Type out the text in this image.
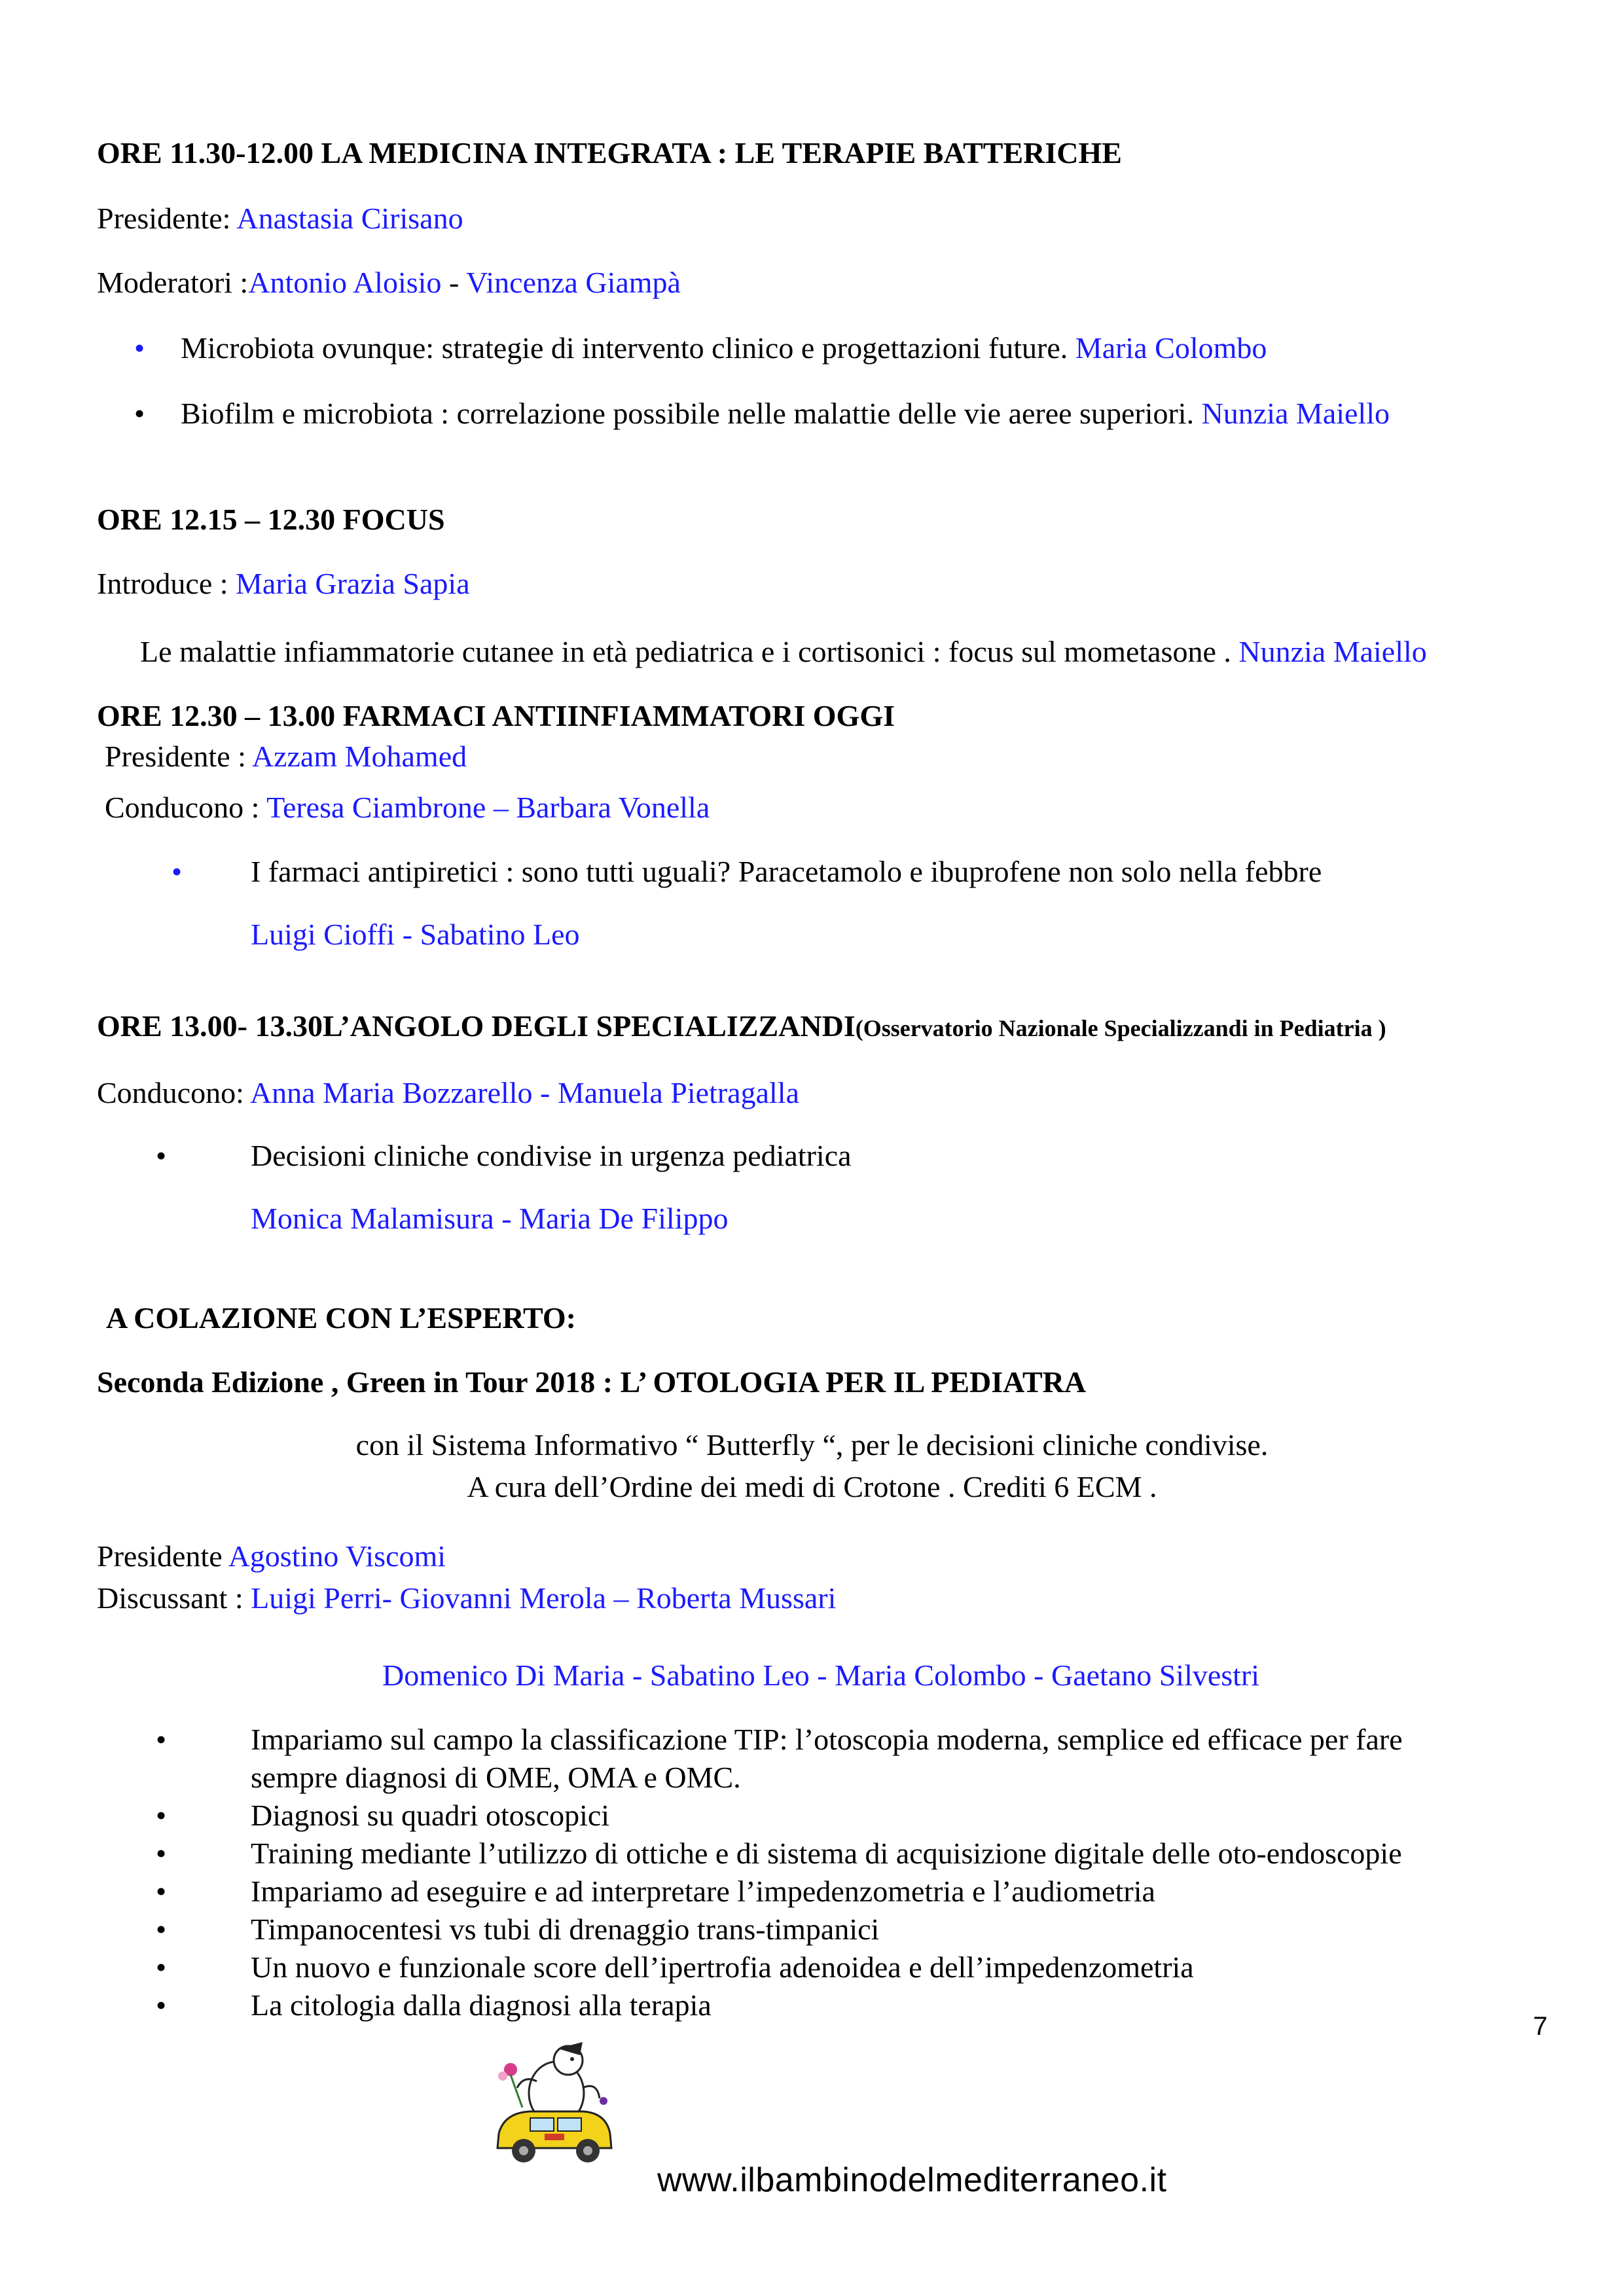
ORE 11.30-12.00 LA MEDICINA INTEGRATA : LE TERAPIE BATTERICHE
Presidente: Anastasia Cirisano
Moderatori :Antonio Aloisio - Vincenza Giampà
• Microbiota ovunque: strategie di intervento clinico e progettazioni future. Maria Colombo
• Biofilm e microbiota : correlazione possibile nelle malattie delle vie aeree superiori. Nunzia Maiello
ORE 12.15 – 12.30 FOCUS
Introduce : Maria Grazia Sapia
Le malattie infiammatorie cutanee in età pediatrica e i cortisonici : focus sul mometasone . Nunzia Maiello
ORE 12.30 – 13.00 FARMACI ANTIINFIAMMATORI OGGI
Presidente : Azzam Mohamed
Conducono : Teresa Ciambrone – Barbara Vonella
• I farmaci antipiretici : sono tutti uguali? Paracetamolo e ibuprofene non solo nella febbre
Luigi Cioffi - Sabatino Leo
ORE 13.00- 13.30L’ANGOLO DEGLI SPECIALIZZANDI(Osservatorio Nazionale Specializzandi in Pediatria )
Conducono: Anna Maria Bozzarello - Manuela Pietragalla
•	Decisioni cliniche condivise in urgenza pediatrica
Monica Malamisura - Maria De Filippo
A COLAZIONE CON L’ESPERTO:
Seconda Edizione , Green in Tour 2018 : L’ OTOLOGIA PER IL PEDIATRA
con il Sistema Informativo “ Butterfly “, per le decisioni cliniche condivise.
A cura dell’Ordine dei medi di Crotone . Crediti 6 ECM .
Presidente Agostino Viscomi
Discussant : Luigi Perri- Giovanni Merola – Roberta Mussari
Domenico Di Maria - Sabatino Leo - Maria Colombo - Gaetano Silvestri
•	Impariamo sul campo la classificazione TIP: l’otoscopia moderna, semplice ed efficace per fare
sempre diagnosi di OME, OMA e OMC.
•	Diagnosi su quadri otoscopici
•	Training mediante l’utilizzo di ottiche e di sistema di acquisizione digitale delle oto-endoscopie
•	Impariamo ad eseguire e ad interpretare l’impedenzometria e l’audiometria
•	Timpanocentesi vs tubi di drenaggio trans-timpanici
•	Un nuovo e funzionale score dell’ipertrofia adenoidea e dell’impedenzometria
•	La citologia dalla diagnosi alla terapia
7
www.ilbambinodelmediterraneo.it
